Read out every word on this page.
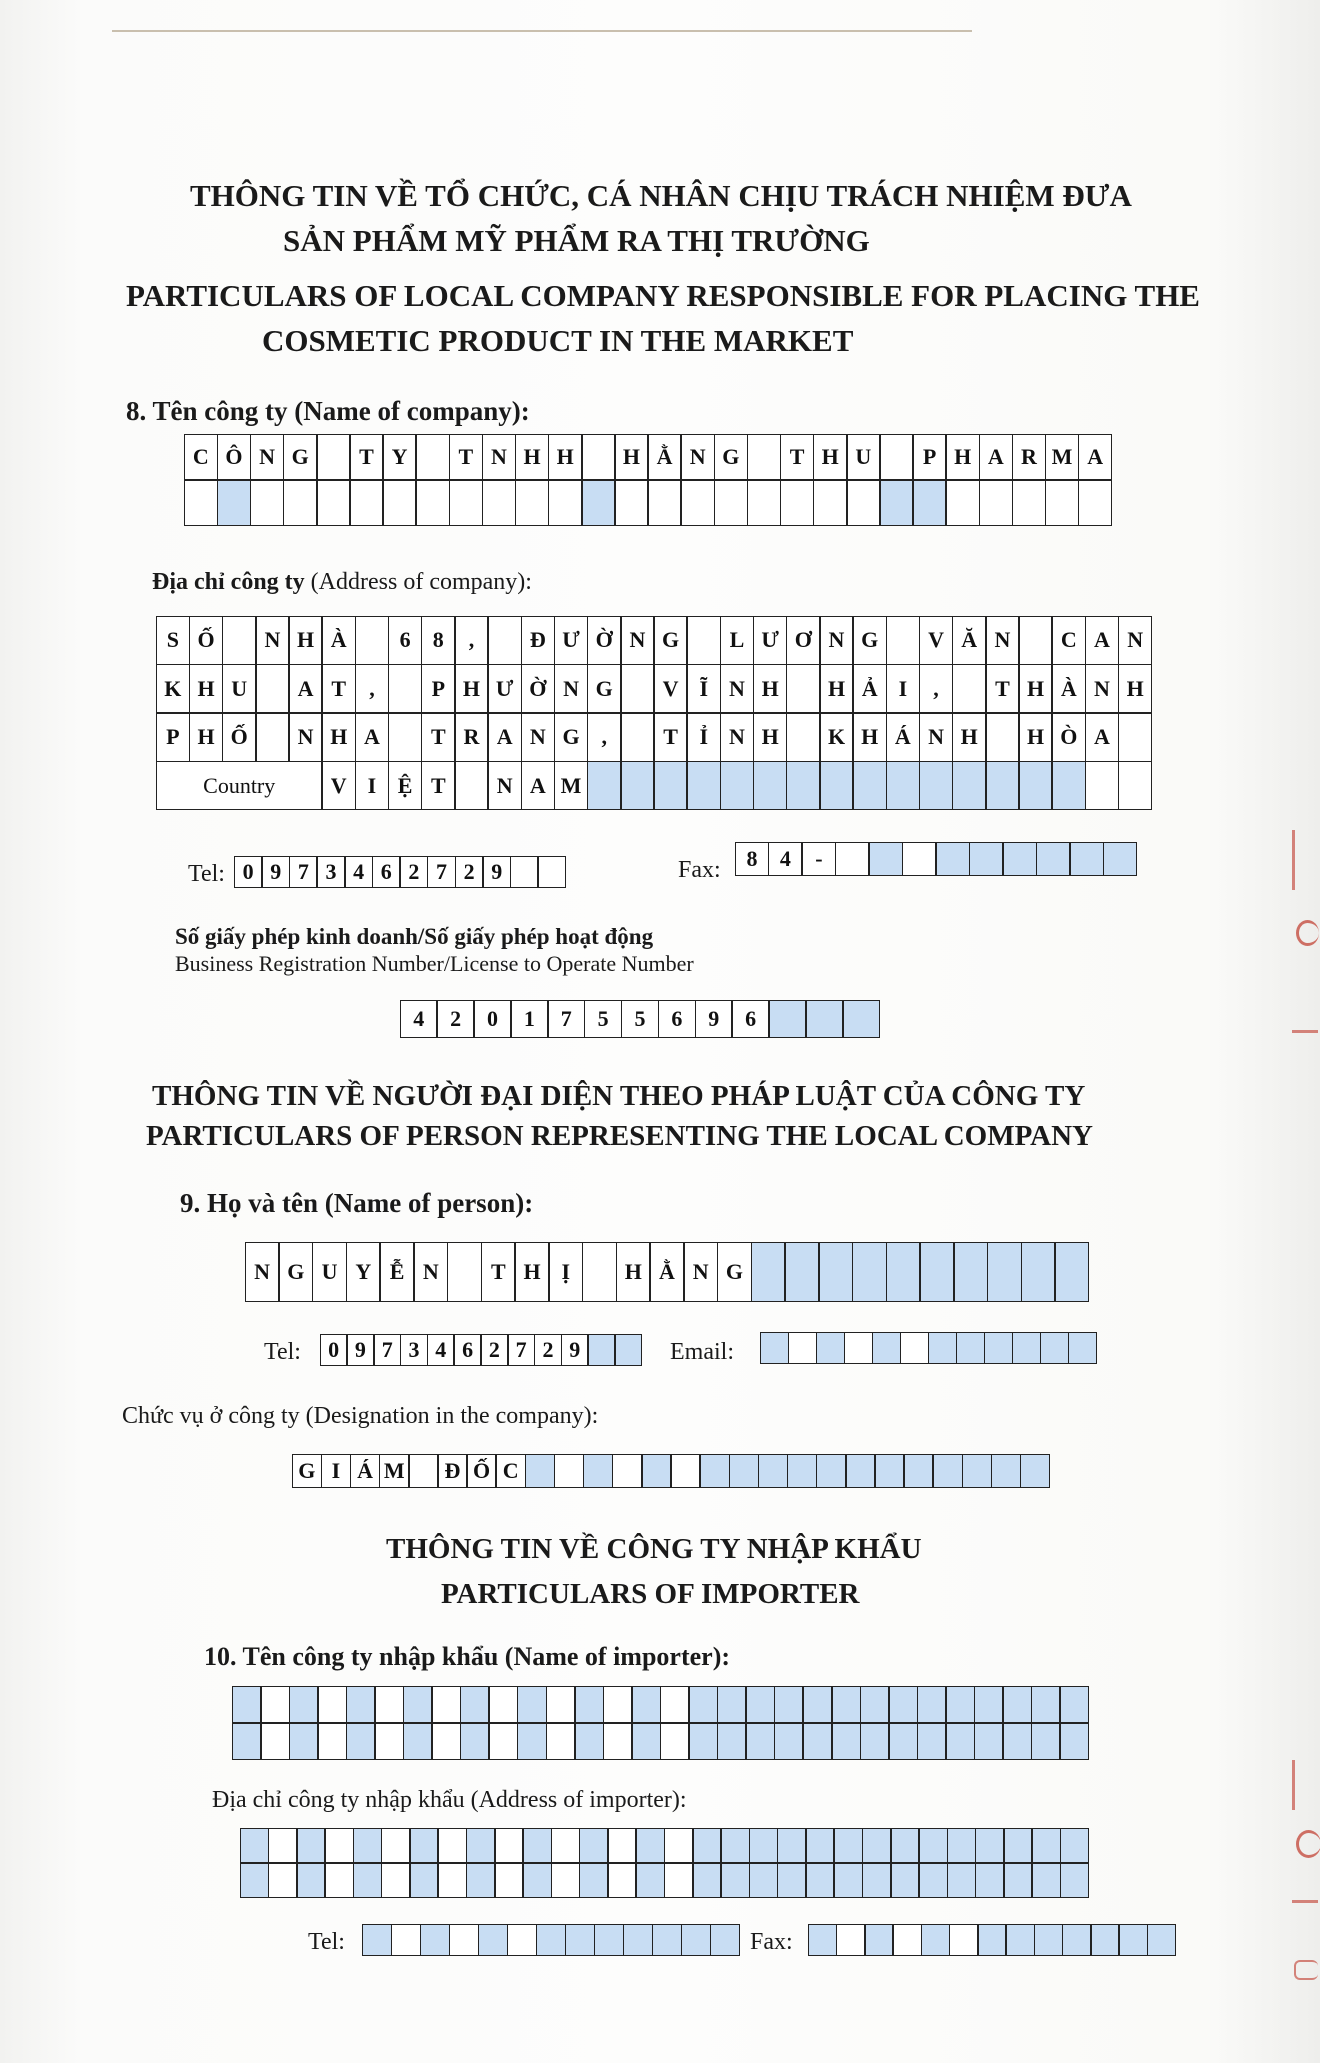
THÔNG TIN VỀ TỔ CHỨC, CÁ NHÂN CHỊU TRÁCH NHIỆM ĐƯA
SẢN PHẨM MỸ PHẨM RA THỊ TRƯỜNG
PARTICULARS OF LOCAL COMPANY RESPONSIBLE FOR PLACING THE
COSMETIC PRODUCT IN THE MARKET
8. Tên công ty (Name of company):
C Ô N G	T Y	T N H H	H Ằ N G	T H U	P H A R M A
Địa chỉ công ty (Address of company):
S Ố	N H À	6	8	,	Đ Ư Ờ N G	L Ư Ơ N G	V Ă N	C A N
K H U	A T	,	P H Ư Ờ N G	V Ĩ N H	H Ả I	,	T H À N H
P H Ố	N H A	T R A N G ,	T Ỉ N H	K H Á N H	H Ò A
Country	V I Ệ T	N A M
Tel: 0 9 7 3 4 6 2 7 2 9	Fax:	8	4	-
Số giấy phép kinh doanh/Số giấy phép hoạt động
Business Registration Number/License to Operate Number
4	2	0	1	7	5	5	6	9	6
THÔNG TIN VỀ NGƯỜI ĐẠI DIỆN THEO PHÁP LUẬT CỦA CÔNG TY
PARTICULARS OF PERSON REPRESENTING THE LOCAL COMPANY
9. Họ và tên (Name of person):
N G U Y Ễ N	T H Ị	H Ằ N G
Tel:	0 9 7 3 4 6 2 7 2 9	Email:
Chức vụ ở công ty (Designation in the company):
G I Á M Đ Ố C
THÔNG TIN VỀ CÔNG TY NHẬP KHẨU
PARTICULARS OF IMPORTER
10. Tên công ty nhập khẩu (Name of importer):
Địa chỉ công ty nhập khẩu (Address of importer):
Tel:	Fax:
